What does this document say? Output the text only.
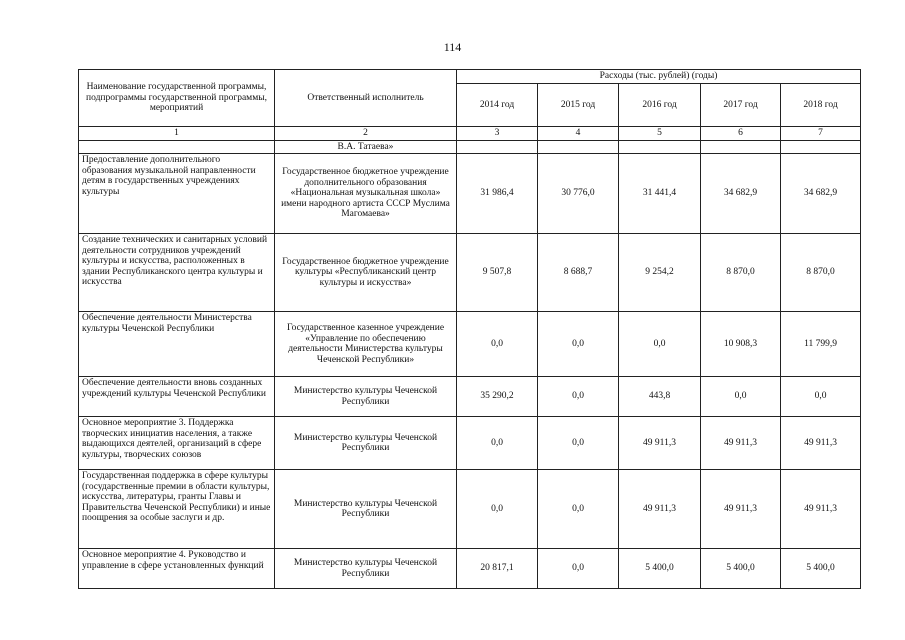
114
Наименование государственной программы, подпрограммы государственной программы, мероприятий	Ответственный исполнитель	Расходы (тыс. рублей) (годы)				
		2014 год	2015 год	2016 год	2017 год	2018 год
1	2	3	4	5	6	7
	В.А. Татаева»					
Предоставление дополнительного образования музыкальной направленности детям в государственных учреждениях культуры	Государственное бюджетное учреждение дополнительного образования «Национальная музыкальная школа» имени народного артиста СССР Муслима Магомаева»	31 986,4	30 776,0	31 441,4	34 682,9	34 682,9
Создание технических и санитарных условий деятельности сотрудников учреждений культуры и искусства, расположенных в здании Республиканского центра культуры и искусства	Государственное бюджетное учреждение культуры «Республиканский центр культуры и искусства»	9 507,8	8 688,7	9 254,2	8 870,0	8 870,0
Обеспечение деятельности Министерства культуры Чеченской Республики	Государственное казенное учреждение «Управление по обеспечению деятельности Министерства культуры Чеченской Республики»	0,0	0,0	0,0	10 908,3	11 799,9
Обеспечение деятельности вновь созданных учреждений культуры Чеченской Республики	Министерство культуры Чеченской Республики	35 290,2	0,0	443,8	0,0	0,0
Основное мероприятие 3. Поддержка творческих инициатив населения, а также выдающихся деятелей, организаций в сфере культуры, творческих союзов	Министерство культуры Чеченской Республики	0,0	0,0	49 911,3	49 911,3	49 911,3
Государственная поддержка в сфере культуры (государственные премии в области культуры, искусства, литературы, гранты Главы и Правительства Чеченской Республики) и иные поощрения за особые заслуги и др.	Министерство культуры Чеченской Республики	0,0	0,0	49 911,3	49 911,3	49 911,3
Основное мероприятие 4. Руководство и управление в сфере установленных функций	Министерство культуры Чеченской Республики	20 817,1	0,0	5 400,0	5 400,0	5 400,0
